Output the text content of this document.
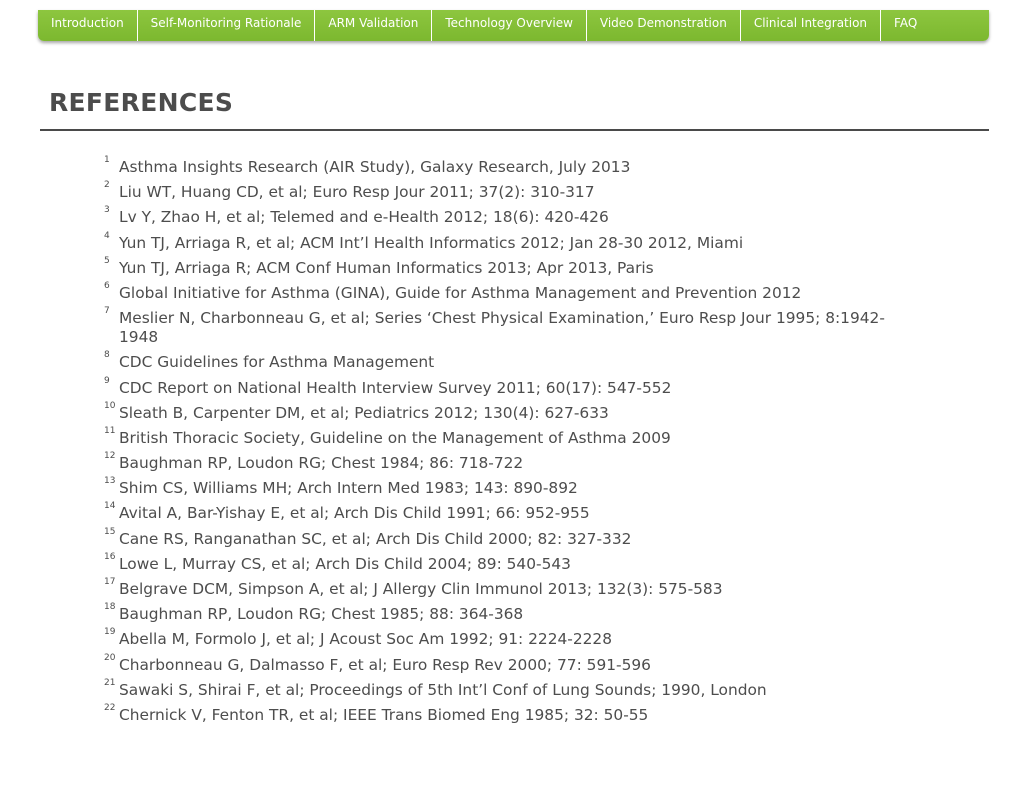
Introduction	Self-Monitoring Rationale	ARM Validation	Technology Overview	Video Demonstration	Clinical Integration	FAQ
REFERENCES
1 Asthma Insights Research (AIR Study), Galaxy Research, July 2013
2 Liu WT, Huang CD, et al; Euro Resp Jour 2011; 37(2): 310-317
3 Lv Y, Zhao H, et al; Telemed and e-Health 2012; 18(6): 420-426
4 Yun TJ, Arriaga R, et al; ACM Int’l Health Informatics 2012; Jan 28-30 2012, Miami
5 Yun TJ, Arriaga R; ACM Conf Human Informatics 2013; Apr 2013, Paris
6 Global Initiative for Asthma (GINA), Guide for Asthma Management and Prevention 2012
7 Meslier N, Charbonneau G, et al; Series ‘Chest Physical Examination,’ Euro Resp Jour 1995; 8:1942-1948
8 CDC Guidelines for Asthma Management
9 CDC Report on National Health Interview Survey 2011; 60(17): 547-552
10 Sleath B, Carpenter DM, et al; Pediatrics 2012; 130(4): 627-633
11 British Thoracic Society, Guideline on the Management of Asthma 2009
12 Baughman RP, Loudon RG; Chest 1984; 86: 718-722
13 Shim CS, Williams MH; Arch Intern Med 1983; 143: 890-892
14 Avital A, Bar-Yishay E, et al; Arch Dis Child 1991; 66: 952-955
15 Cane RS, Ranganathan SC, et al; Arch Dis Child 2000; 82: 327-332
16 Lowe L, Murray CS, et al; Arch Dis Child 2004; 89: 540-543
17 Belgrave DCM, Simpson A, et al; J Allergy Clin Immunol 2013; 132(3): 575-583
18 Baughman RP, Loudon RG; Chest 1985; 88: 364-368
19 Abella M, Formolo J, et al; J Acoust Soc Am 1992; 91: 2224-2228
20 Charbonneau G, Dalmasso F, et al; Euro Resp Rev 2000; 77: 591-596
21 Sawaki S, Shirai F, et al; Proceedings of 5th Int’l Conf of Lung Sounds; 1990, London
22 Chernick V, Fenton TR, et al; IEEE Trans Biomed Eng 1985; 32: 50-55
